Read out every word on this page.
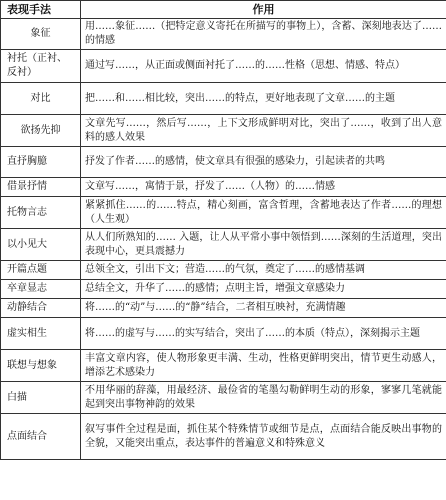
表现手法	作用
象征	用……象征……（把特定意义寄托在所描写的事物上），含蓄、深刻地表达了……的情感
衬托（正衬、反衬）	通过写……，从正面或侧面衬托了……的……性格（思想、情感、特点）
对比	把……和……相比较，突出……的特点，更好地表现了文章……的主题
欲扬先抑	文章先写……，然后写……，上下文形成鲜明对比，突出了……，收到了出人意料的感人效果
直抒胸臆	抒发了作者……的感情，使文章具有很强的感染力，引起读者的共鸣
借景抒情	文章写……，寓情于景，抒发了……（人物）的……情感
托物言志	紧紧抓住……的……特点，精心刻画，富含哲理，含蓄地表达了作者……的理想（人生观）
以小见大	从人们所熟知的…… 入题，让人从平常小事中领悟到……深刻的生活道理，突出表现中心，更具震撼力
开篇点题	总领全文，引出下文；营造……的气氛，奠定了……的感情基调
卒章显志	总结全文，升华了……的感情；点明主旨，增强文章感染力
动静结合	将……的“动”与……的“静”结合，二者相互映衬，充满情趣
虚实相生	将……的虚写与……的实写结合，突出了……的本质（特点），深刻揭示主题
联想与想象	丰富文章内容，使人物形象更丰满、生动，性格更鲜明突出，情节更生动感人，增添艺术感染力
白描	不用华丽的辞藻，用最经济、最俭省的笔墨勾勒鲜明生动的形象，寥寥几笔就能起到突出事物神韵的效果
点面结合	叙写事件全过程是面，抓住某个特殊情节或细节是点，点面结合能反映出事物的全貌，又能突出重点，表达事件的普遍意义和特殊意义
